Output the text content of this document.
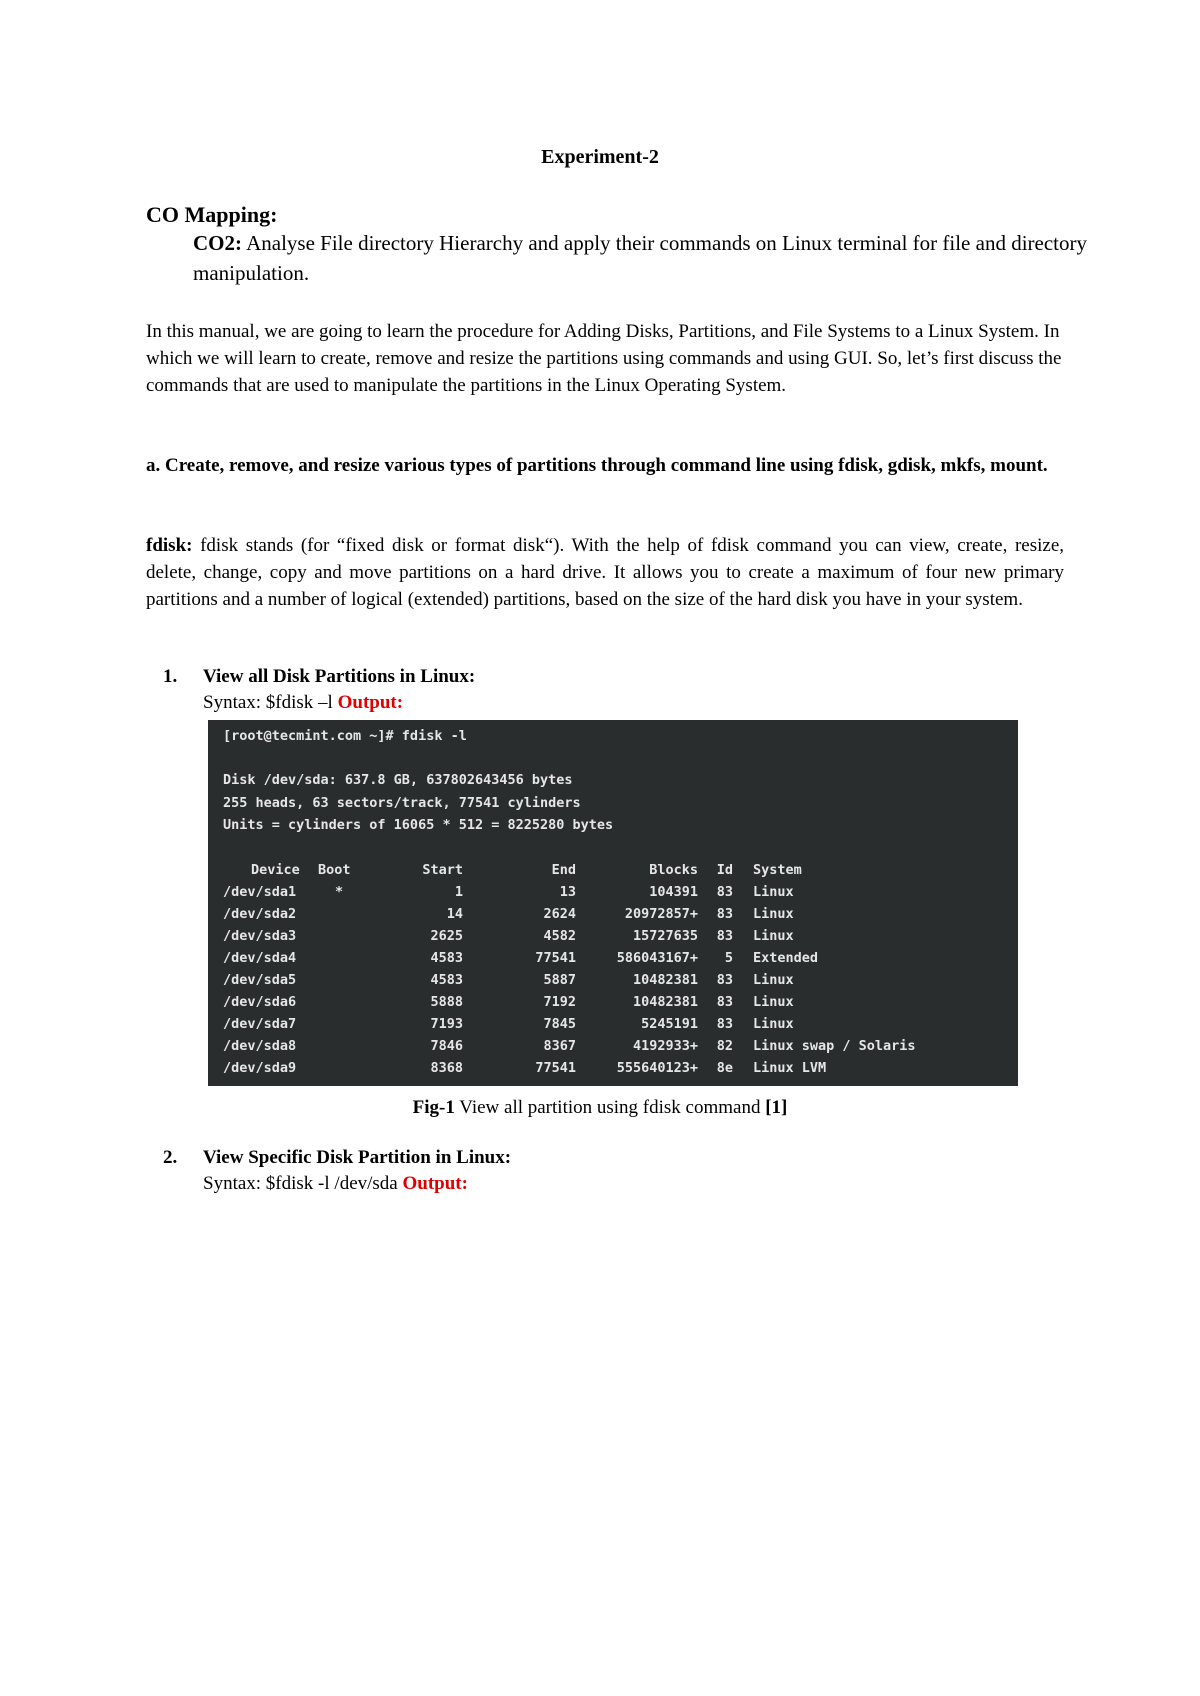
Experiment-2
CO Mapping:
CO2: Analyse File directory Hierarchy and apply their commands on Linux terminal for file and directory manipulation.
In this manual, we are going to learn the procedure for Adding Disks, Partitions, and File Systems to a Linux System. In which we will learn to create, remove and resize the partitions using commands and using GUI. So, let’s first discuss the commands that are used to manipulate the partitions in the Linux Operating System.
a. Create, remove, and resize various types of partitions through command line using fdisk, gdisk, mkfs, mount.
fdisk: fdisk stands (for “fixed disk or format disk“). With the help of fdisk command you can view, create, resize, delete, change, copy and move partitions on a hard drive. It allows you to create a maximum of four new primary partitions and a number of logical (extended) partitions, based on the size of the hard disk you have in your system.
1. View all Disk Partitions in Linux:
Syntax: $fdisk –l Output:
[root@tecmint.com ~]# fdisk -l
Disk /dev/sda: 637.8 GB, 637802643456 bytes
255 heads, 63 sectors/track, 77541 cylinders
Units = cylinders of 16065 * 512 = 8225280 bytes
Device Boot	Start	End	Blocks	Id System
/dev/sda1	*	1	13	104391	83 Linux
/dev/sda2	14	2624	20972857+	83 Linux
/dev/sda3	2625	4582	15727635	83 Linux
/dev/sda4	4583	77541	586043167+	5 Extended
/dev/sda5	4583	5887	10482381	83 Linux
/dev/sda6	5888	7192	10482381	83 Linux
/dev/sda7	7193	7845	5245191	83 Linux
/dev/sda8	7846	8367	4192933+	82 Linux swap / Solaris
/dev/sda9	8368	77541	555640123+	8e Linux LVM
Fig-1 View all partition using fdisk command [1]
2. View Specific Disk Partition in Linux:
Syntax: $fdisk -l /dev/sda Output:
